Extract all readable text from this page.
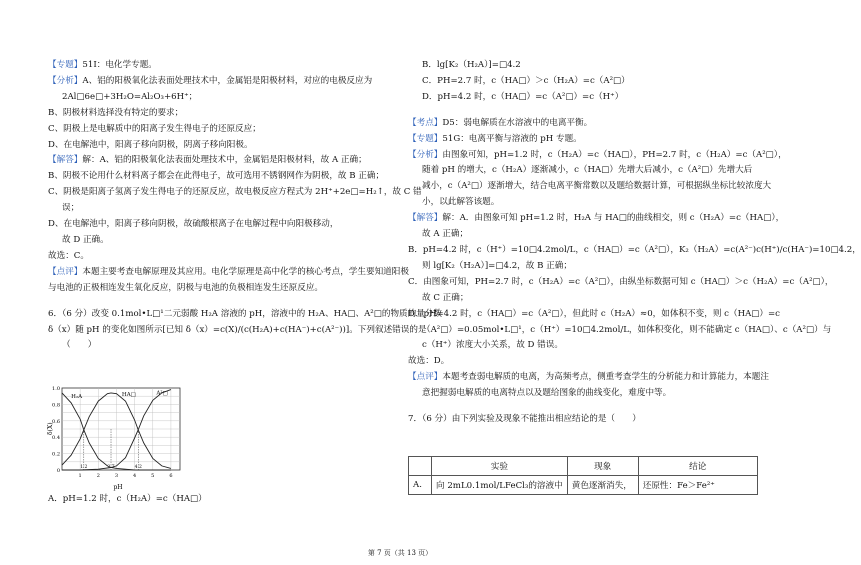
【专题】51I：电化学专题。

【分析】A、铝的阳极氧化法表面处理技术中，金属铝是阳极材料，对应的电极反应为

2Al□6e□+3H₂O=Al₂O₃+6H⁺；

B、阴极材料选择没有特定的要求；

C、阴极上是电解质中的阳离子发生得电子的还原反应；

D、在电解池中，阳离子移向阴极，阴离子移向阳极。

【解答】解：A、铝的阳极氧化法表面处理技术中，金属铝是阳极材料，故 A 正确；

B、阴极不论用什么材料离子都会在此得电子，故可选用不锈钢网作为阴极，故 B 正确；

C、阴极是阳离子氢离子发生得电子的还原反应，故电极反应方程式为 2H⁺+2e□=H₂↑，故 C 错

误；

D、在电解池中，阳离子移向阴极，故硫酸根离子在电解过程中向阳极移动，

故 D 正确。

故选：C。

【点评】本题主要考查电解原理及其应用。电化学原理是高中化学的核心考点，学生要知道阳极

与电池的正极相连发生氧化反应，阴极与电池的负极相连发生还原反应。

6．（6 分）改变 0.1mol•L□¹二元弱酸 H₂A 溶液的 pH，溶液中的 H₂A、HA□、A²□的物质的量分数

δ（x）随 pH 的变化如图所示[已知 δ（x）=c(X)/(c(H₂A)+c(HA⁻)+c(A²⁻))]。下列叙述错误的是

（　　）

B．lg[K₂（H₂A）]=□4.2

C．PH=2.7 时，c（HA□）＞c（H₂A）=c（A²□）

D．pH=4.2 时，c（HA□）=c（A²□）=c（H⁺）

【考点】D5：弱电解质在水溶液中的电离平衡。

【专题】51G：电离平衡与溶液的 pH 专题。

【分析】由图象可知，pH=1.2 时，c（H₂A）=c（HA□），PH=2.7 时，c（H₂A）=c（A²□），

随着 pH 的增大，c（H₂A）逐渐减小，c（HA□）先增大后减小，c（A²□）先增大后

减小，c（A²□）逐渐增大，结合电离平衡常数以及题给数据计算，可根据纵坐标比较浓度大

小，以此解答该题。

【解答】解：A．由图象可知 pH=1.2 时，H₂A 与 HA□的曲线相交，则 c（H₂A）=c（HA□），

故 A 正确；

B．pH=4.2 时，c（H⁺）=10□4.2mol/L，c（HA□）=c（A²□），K₂（H₂A）=c(A²⁻)c(H⁺)/c(HA⁻)=10□4.2，

则 lg[K₂（H₂A）]=□4.2，故 B 正确；

C．由图象可知，PH=2.7 时，c（H₂A）=c（A²□），由纵坐标数据可知 c（HA□）＞c（H₂A）=c（A²□），

故 C 正确；

D．pH=4.2 时，c（HA□）=c（A²□），但此时 c（H₂A）≈0，如体积不变，则 c（HA□）=c

（A²□）=0.05mol•L□¹，c（H⁺）=10□4.2mol/L，如体积变化，则不能确定 c（HA□）、c（A²□）与

c（H⁺）浓度大小关系，故 D 错误。

故选：D。

【点评】本题考查弱电解质的电离，为高频考点，侧重考查学生的分析能力和计算能力，本题注

意把握弱电解质的电离特点以及题给图象的曲线变化，难度中等。

7．（6 分）由下列实验及现象不能推出相应结论的是（　　）

δ(X)
pH
1.0
0.8
0.6
0.4
0.2
0
1	2	3	4	5	6
1.2	2.7	4.2
H₂A	HA□	A²□
	实验	现象	结论
A.	向 2mL0.1mol/LFeCl₃的溶液中	黄色逐渐消失，	还原性：Fe＞Fe²⁺
第 7 页（共 13 页）
A．pH=1.2 时，c（H₂A）=c（HA□）
